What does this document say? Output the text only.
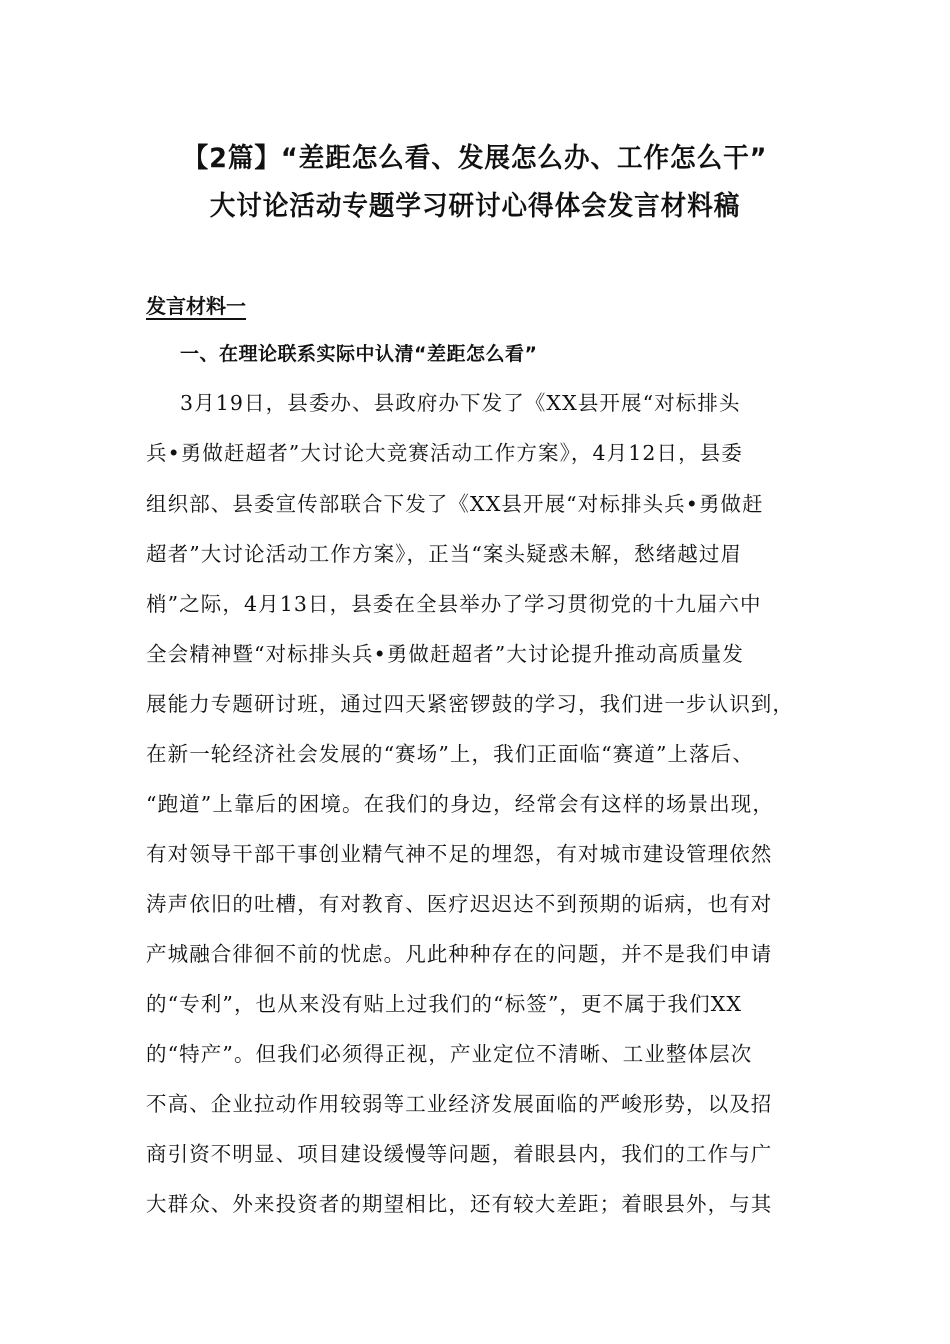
【2篇】“差距怎么看、发展怎么办、工作怎么干”
大讨论活动专题学习研讨心得体会发言材料稿
发言材料一
一、在理论联系实际中认清“差距怎么看”
3月19日，县委办、县政府办下发了《XX县开展“对标排头
兵•勇做赶超者”大讨论大竞赛活动工作方案》，4月12日，县委
组织部、县委宣传部联合下发了《XX县开展“对标排头兵•勇做赶
超者”大讨论活动工作方案》，正当“案头疑惑未解，愁绪越过眉
梢”之际，4月13日，县委在全县举办了学习贯彻党的十九届六中
全会精神暨“对标排头兵•勇做赶超者”大讨论提升推动高质量发
展能力专题研讨班，通过四天紧密锣鼓的学习，我们进一步认识到，
在新一轮经济社会发展的“赛场”上，我们正面临“赛道”上落后、
“跑道”上靠后的困境。在我们的身边，经常会有这样的场景出现，
有对领导干部干事创业精气神不足的埋怨，有对城市建设管理依然
涛声依旧的吐槽，有对教育、医疗迟迟达不到预期的诟病，也有对
产城融合徘徊不前的忧虑。凡此种种存在的问题，并不是我们申请
的“专利”，也从来没有贴上过我们的“标签”，更不属于我们XX
的“特产”。但我们必须得正视，产业定位不清晰、工业整体层次
不高、企业拉动作用较弱等工业经济发展面临的严峻形势，以及招
商引资不明显、项目建设缓慢等问题，着眼县内，我们的工作与广
大群众、外来投资者的期望相比，还有较大差距；着眼县外，与其
